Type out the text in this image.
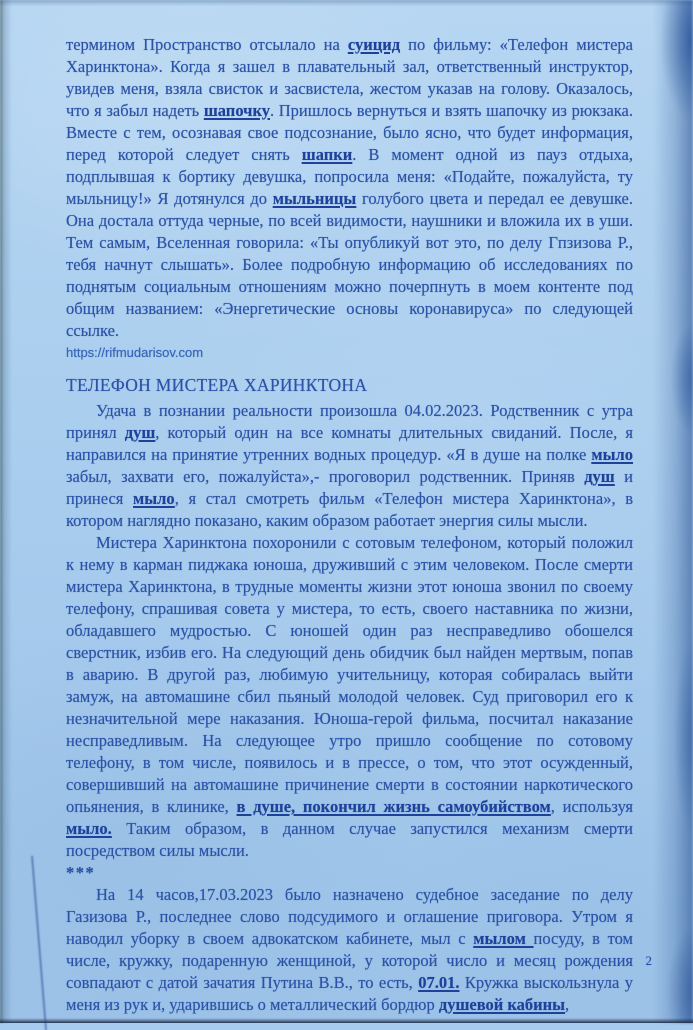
термином Пространство отсылало на суицид по фильму: «Телефон мистера Харинктона». Когда я зашел в плавательный зал, ответственный инструктор, увидев меня, взяла свисток и засвистела, жестом указав на голову. Оказалось, что я забыл надеть шапочку. Пришлось вернуться и взять шапочку из рюкзака. Вместе с тем, осознавая свое подсознание, было ясно, что будет информация, перед которой следует снять шапки. В момент одной из пауз отдыха, подплывшая к бортику девушка, попросила меня: «Подайте, пожалуйста, ту мыльницу!» Я дотянулся до мыльницы голубого цвета и передал ее девушке. Она достала оттуда черные, по всей видимости, наушники и вложила их в уши. Тем самым, Вселенная говорила: «Ты опубликуй вот это, по делу Гпзизова Р., тебя начнут слышать». Более подробную информацию об исследованиях по поднятым социальным отношениям можно почерпнуть в моем контенте под общим названием: «Энергетические основы коронавируса» по следующей ссылке.

https://rifmudarisov.com
ТЕЛЕФОН МИСТЕРА ХАРИНКТОНА

Удача в познании реальности произошла 04.02.2023. Родственник с утра принял душ, который один на все комнаты длительных свиданий. После, я направился на принятие утренних водных процедур. «Я в душе на полке мыло забыл, захвати его, пожалуйста»,- проговорил родственник. Приняв душ и принеся мыло, я стал смотреть фильм «Телефон мистера Харинктона», в котором наглядно показано, каким образом работает энергия силы мысли.

Мистера Харинктона похоронили с сотовым телефоном, который положил к нему в карман пиджака юноша, друживший с этим человеком. После смерти мистера Харинктона, в трудные моменты жизни этот юноша звонил по своему телефону, спрашивая совета у мистера, то есть, своего наставника по жизни, обладавшего мудростью. С юношей один раз несправедливо обошелся сверстник, избив его. На следующий день обидчик был найден мертвым, попав в аварию. В другой раз, любимую учительницу, которая собиралась выйти замуж, на автомашине сбил пьяный молодой человек. Суд приговорил его к незначительной мере наказания. Юноша-герой фильма, посчитал наказание несправедливым. На следующее утро пришло сообщение по сотовому телефону, в том числе, появилось и в прессе, о том, что этот осужденный, совершивший на автомашине причинение смерти в состоянии наркотического опьянения, в клинике, в душе, покончил жизнь самоубийством, используя мыло. Таким образом, в данном случае запустился механизм смерти посредством силы мысли.

***

На 14 часов,17.03.2023 было назначено судебное заседание по делу Газизова Р., последнее слово подсудимого и оглашение приговора. Утром я наводил уборку в своем адвокатском кабинете, мыл с мылом посуду, в том числе, кружку, подаренную женщиной, у которой число и месяц рождения совпадают с датой зачатия Путина В.В., то есть, 07.01. Кружка выскользнула у меня из рук и, ударившись о металлический бордюр душевой кабины,

2
